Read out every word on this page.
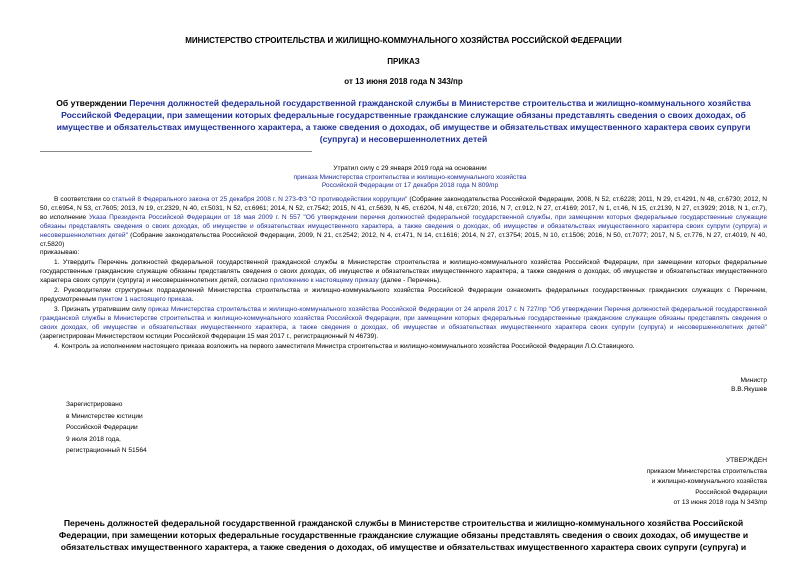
МИНИСТЕРСТВО СТРОИТЕЛЬСТВА И ЖИЛИЩНО-КОММУНАЛЬНОГО ХОЗЯЙСТВА РОССИЙСКОЙ ФЕДЕРАЦИИ
ПРИКАЗ
от 13 июня 2018 года N 343/пр
Об утверждении Перечня должностей федеральной государственной гражданской службы в Министерстве строительства и жилищно-коммунального хозяйства Российской Федерации, при замещении которых федеральные государственные гражданские служащие обязаны представлять сведения о своих доходах, об имуществе и обязательствах имущественного характера, а также сведения о доходах, об имуществе и обязательствах имущественного характера своих супруги (супруга) и несовершеннолетних детей
Утратил силу с 29 января 2019 года на основании
приказа Министерства строительства и жилищно-коммунального хозяйства
Российской Федерации от 17 декабря 2018 года N 809/пр
В соответствии со статьей 8 Федерального закона от 25 декабря 2008 г. N 273-ФЗ "О противодействии коррупции" (Собрание законодательства Российской Федерации, 2008, N 52, ст.6228; 2011, N 29, ст.4291, N 48, ст.6730; 2012, N 50, ст.6954, N 53, ст.7605; 2013, N 19, ст.2329, N 40, ст.5031, N 52, ст.6961; 2014, N 52, ст.7542; 2015, N 41, ст.5639, N 45, ст.6204, N 48, ст.6720; 2016, N 7, ст.912, N 27, ст.4169; 2017, N 1, ст.46, N 15, ст.2139, N 27, ст.3929; 2018, N 1, ст.7), во исполнение Указа Президента Российской Федерации от 18 мая 2009 г. N 557 "Об утверждении перечня должностей федеральной государственной службы, при замещении которых федеральные государственные служащие обязаны представлять сведения о своих доходах, об имуществе и обязательствах имущественного характера, а также сведения о доходах, об имуществе и обязательствах имущественного характера своих супруги (супруга) и несовершеннолетних детей" (Собрание законодательства Российской Федерации, 2009, N 21, ст.2542; 2012, N 4, ст.471, N 14, ст.1616; 2014, N 27, ст.3754; 2015, N 10, ст.1506; 2016, N 50, ст.7077; 2017, N 5, ст.776, N 27, ст.4019, N 40, ст.5820)
приказываю:
1. Утвердить Перечень должностей федеральной государственной гражданской службы в Министерстве строительства и жилищно-коммунального хозяйства Российской Федерации, при замещении которых федеральные государственные гражданские служащие обязаны представлять сведения о своих доходах, об имуществе и обязательствах имущественного характера, а также сведения о доходах, об имуществе и обязательствах имущественного характера своих супруги (супруга) и несовершеннолетних детей, согласно приложению к настоящему приказу (далее - Перечень).
2. Руководителям структурных подразделений Министерства строительства и жилищно-коммунального хозяйства Российской Федерации ознакомить федеральных государственных гражданских служащих с Перечнем, предусмотренным пунктом 1 настоящего приказа.
3. Признать утратившим силу приказ Министерства строительства и жилищно-коммунального хозяйства Российской Федерации от 24 апреля 2017 г. N 727/пр "Об утверждении Перечня должностей федеральной государственной гражданской службы в Министерстве строительства и жилищно-коммунального хозяйства Российской Федерации, при замещении которых федеральные государственные гражданские служащие обязаны представлять сведения о своих доходах, об имуществе и обязательствах имущественного характера, а также сведения о доходах, об имуществе и обязательствах имущественного характера своих супруги (супруга) и несовершеннолетних детей" (зарегистрирован Министерством юстиции Российской Федерации 15 мая 2017 г., регистрационный N 46739).
4. Контроль за исполнением настоящего приказа возложить на первого заместителя Министра строительства и жилищно-коммунального хозяйства Российской Федерации Л.О.Ставицкого.
Министр
В.В.Якушев
Зарегистрировано
в Министерстве юстиции
Российской Федерации
9 июля 2018 года,
регистрационный N 51564
УТВЕРЖДЕН
приказом Министерства строительства
и жилищно-коммунального хозяйства
Российской Федерации
от 13 июня 2018 года N 343/пр
Перечень должностей федеральной государственной гражданской службы в Министерстве строительства и жилищно-коммунального хозяйства Российской Федерации, при замещении которых федеральные государственные гражданские служащие обязаны представлять сведения о своих доходах, об имуществе и обязательствах имущественного характера, а также сведения о доходах, об имуществе и обязательствах имущественного характера своих супруги (супруга) и
